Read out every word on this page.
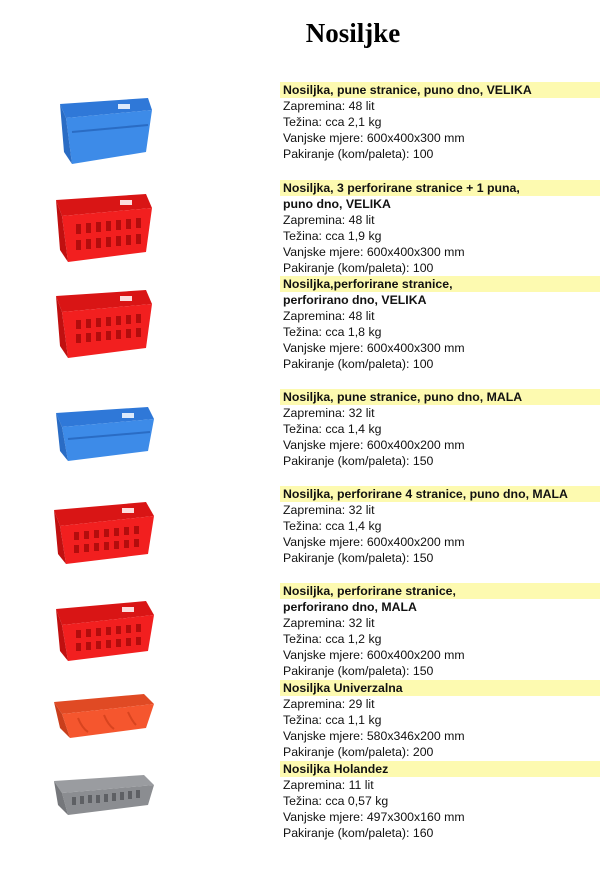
Nosiljke
Nosiljka, pune stranice, puno dno, VELIKA
Zapremina: 48 lit
Težina: cca 2,1 kg
Vanjske mjere: 600x400x300 mm
Pakiranje (kom/paleta): 100
Nosiljka, 3 perforirane stranice + 1 puna,
puno dno, VELIKA
Zapremina: 48 lit
Težina: cca 1,9 kg
Vanjske mjere: 600x400x300 mm
Pakiranje (kom/paleta): 100
Nosiljka,perforirane stranice,
perforirano dno, VELIKA
Zapremina: 48 lit
Težina: cca 1,8 kg
Vanjske mjere: 600x400x300 mm
Pakiranje (kom/paleta): 100
Nosiljka, pune stranice, puno dno, MALA
Zapremina: 32 lit
Težina: cca 1,4 kg
Vanjske mjere: 600x400x200 mm
Pakiranje (kom/paleta): 150
Nosiljka, perforirane 4 stranice, puno dno, MALA
Zapremina: 32 lit
Težina: cca 1,4 kg
Vanjske mjere: 600x400x200 mm
Pakiranje (kom/paleta): 150
Nosiljka, perforirane stranice,
perforirano dno, MALA
Zapremina: 32 lit
Težina: cca 1,2 kg
Vanjske mjere: 600x400x200 mm
Pakiranje (kom/paleta): 150
Nosiljka Univerzalna
Zapremina: 29 lit
Težina: cca 1,1 kg
Vanjske mjere: 580x346x200 mm
Pakiranje (kom/paleta): 200
Nosiljka Holandez
Zapremina: 11 lit
Težina: cca 0,57 kg
Vanjske mjere: 497x300x160 mm
Pakiranje (kom/paleta): 160
